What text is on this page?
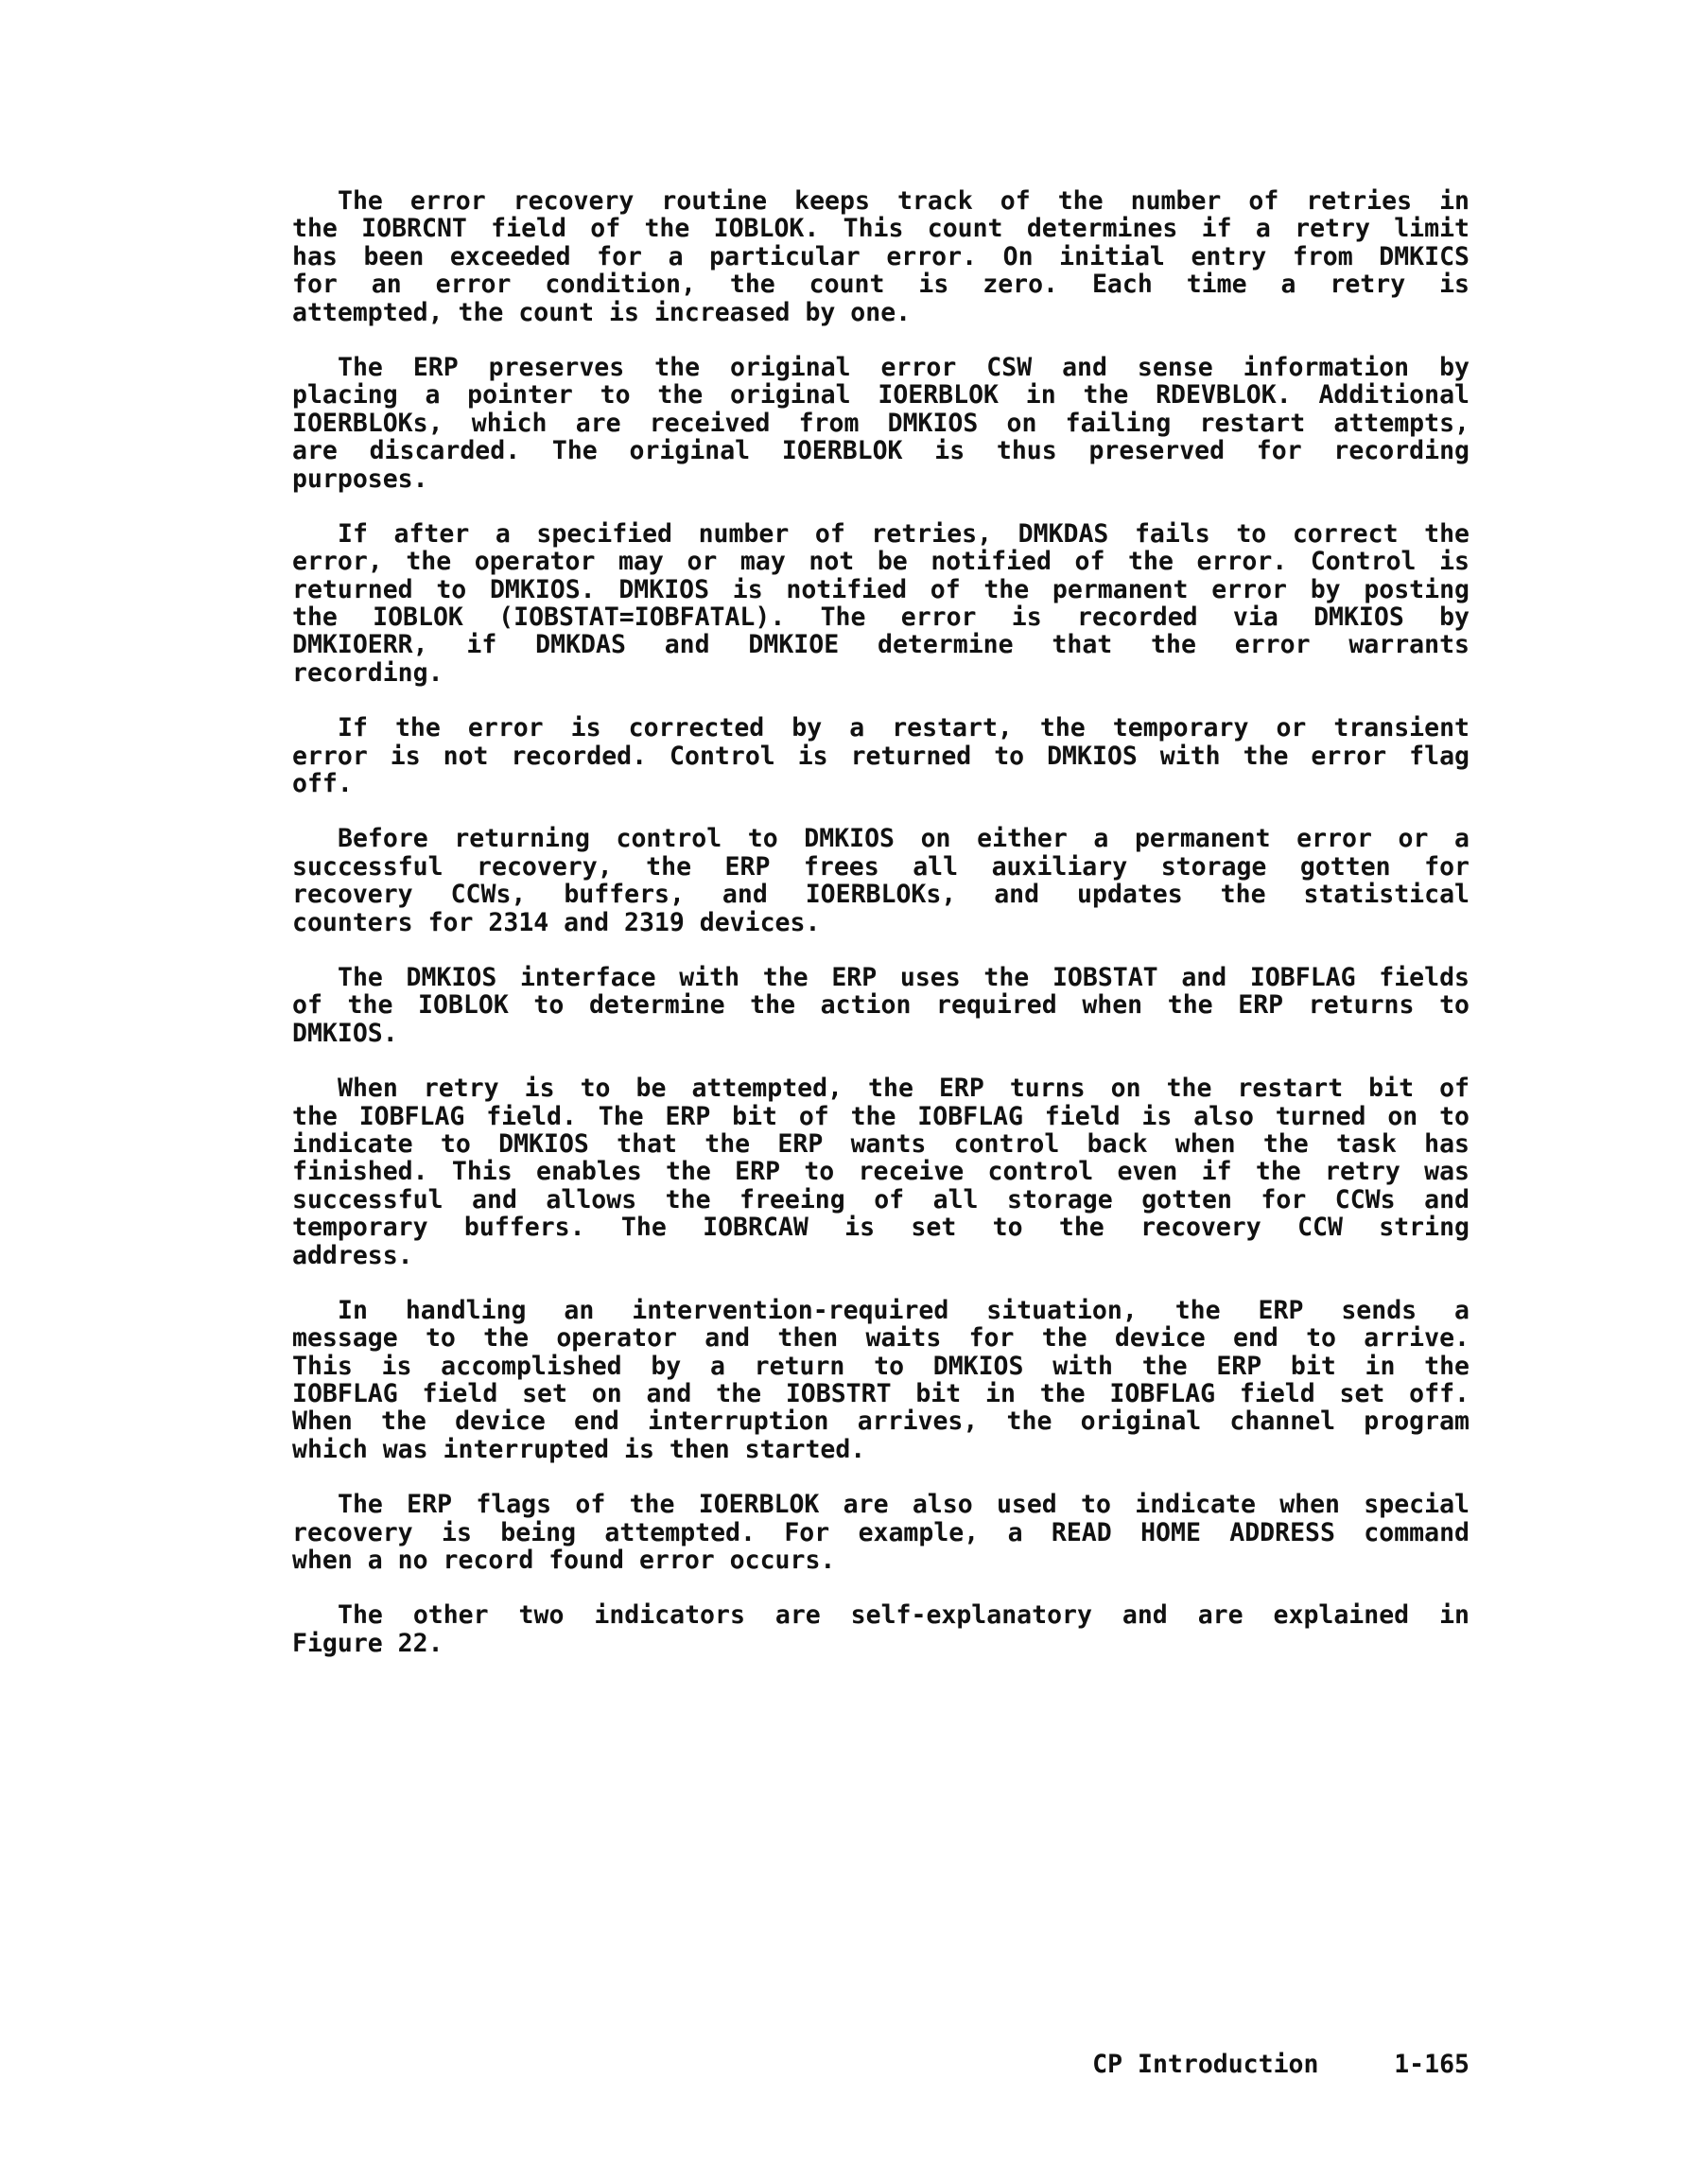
The error recovery routine keeps track of the number of retries in
the IOBRCNT field of the IOBLOK. This count determines if a retry limit
has been exceeded for a particular error. On initial entry from DMKICS
for an error condition, the count is zero. Each time a retry is
attempted, the count is increased by one.
The ERP preserves the original error CSW and sense information by
placing a pointer to the original IOERBLOK in the RDEVBLOK. Additional
IOERBLOKs, which are received from DMKIOS on failing restart attempts,
are discarded. The original IOERBLOK is thus preserved for recording
purposes.
If after a specified number of retries, DMKDAS fails to correct the
error, the operator may or may not be notified of the error. Control is
returned to DMKIOS. DMKIOS is notified of the permanent error by posting
the IOBLOK (IOBSTAT=IOBFATAL). The error is recorded via DMKIOS by
DMKIOERR, if DMKDAS and DMKIOE determine that the error warrants
recording.
If the error is corrected by a restart, the temporary or transient
error is not recorded. Control is returned to DMKIOS with the error flag
off.
Before returning control to DMKIOS on either a permanent error or a
successful recovery, the ERP frees all auxiliary storage gotten for
recovery CCWs, buffers, and IOERBLOKs, and updates the statistical
counters for 2314 and 2319 devices.
The DMKIOS interface with the ERP uses the IOBSTAT and IOBFLAG fields
of the IOBLOK to determine the action required when the ERP returns to
DMKIOS.
When retry is to be attempted, the ERP turns on the restart bit of
the IOBFLAG field. The ERP bit of the IOBFLAG field is also turned on to
indicate to DMKIOS that the ERP wants control back when the task has
finished. This enables the ERP to receive control even if the retry was
successful and allows the freeing of all storage gotten for CCWs and
temporary buffers. The IOBRCAW is set to the recovery CCW string
address.
In handling an intervention-required situation, the ERP sends a
message to the operator and then waits for the device end to arrive.
This is accomplished by a return to DMKIOS with the ERP bit in the
IOBFLAG field set on and the IOBSTRT bit in the IOBFLAG field set off.
When the device end interruption arrives, the original channel program
which was interrupted is then started.
The ERP flags of the IOERBLOK are also used to indicate when special
recovery is being attempted. For example, a READ HOME ADDRESS command
when a no record found error occurs.
The other two indicators are self-explanatory and are explained in
Figure 22.
CP Introduction     1-165
